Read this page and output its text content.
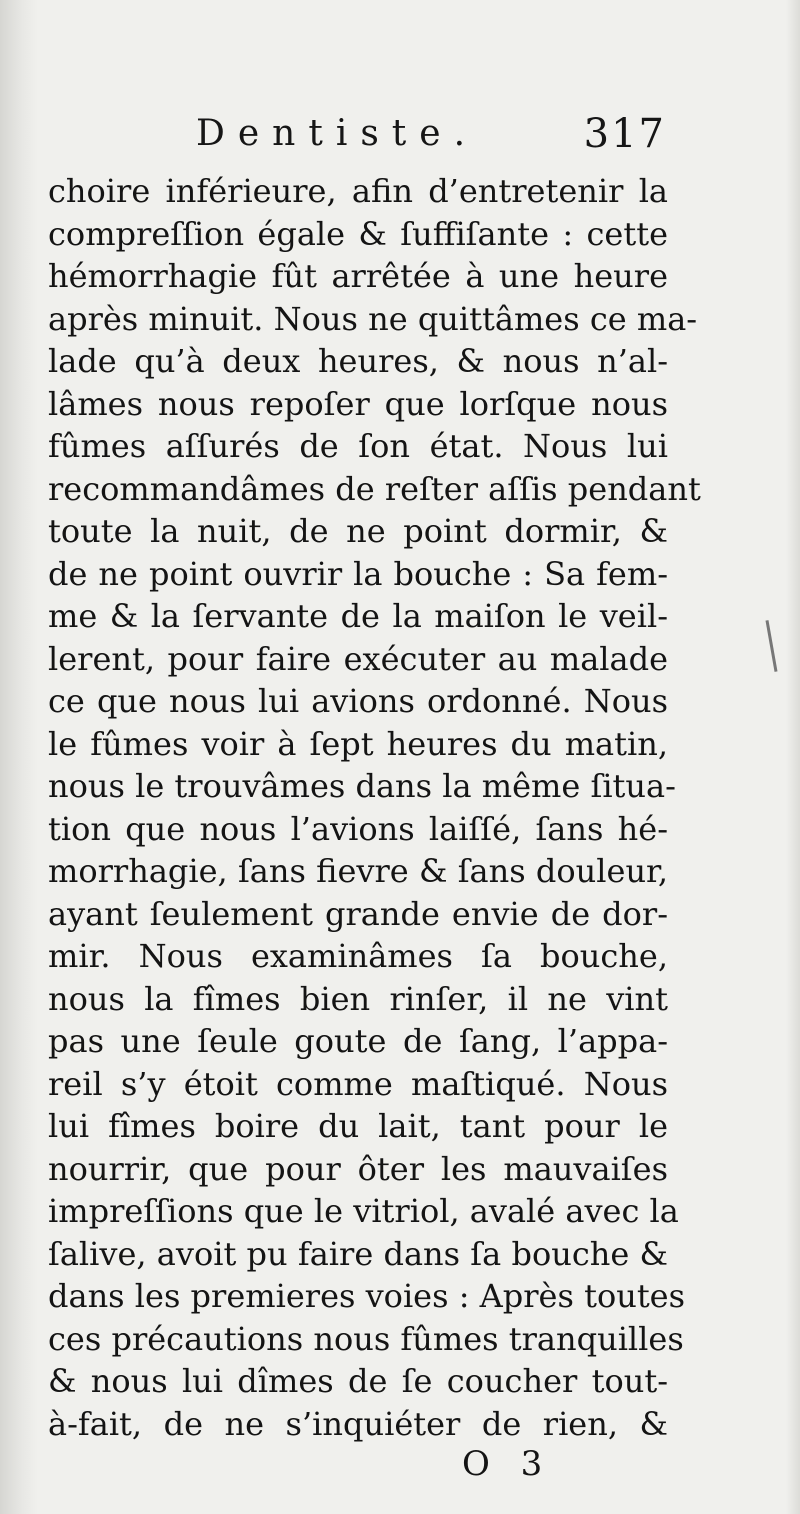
Dentiste.	317
choire inférieure, afin d’entretenir la
compreſſion égale & ſuffiſante : cette
hémorrhagie fût arrêtée à une heure
après minuit. Nous ne quittâmes ce ma-
lade qu’à deux heures, & nous n’al-
lâmes nous repoſer que lorſque nous
fûmes aſſurés de ſon état. Nous lui
recommandâmes de reſter aſſis pendant
toute la nuit, de ne point dormir, &
de ne point ouvrir la bouche : Sa fem-
me & la ſervante de la maiſon le veil-
lerent, pour faire exécuter au malade
ce que nous lui avions ordonné. Nous
le fûmes voir à ſept heures du matin,
nous le trouvâmes dans la même ſitua-
tion que nous l’avions laiſſé, ſans hé-
morrhagie, ſans fievre & ſans douleur,
ayant ſeulement grande envie de dor-
mir. Nous examinâmes ſa bouche,
nous la fîmes bien rinſer, il ne vint
pas une ſeule goute de ſang, l’appa-
reil s’y étoit comme maſtiqué. Nous
lui fîmes boire du lait, tant pour le
nourrir, que pour ôter les mauvaiſes
impreſſions que le vitriol, avalé avec la
ſalive, avoit pu faire dans ſa bouche &
dans les premieres voies : Après toutes
ces précautions nous fûmes tranquilles
& nous lui dîmes de ſe coucher tout-
à-fait, de ne s’inquiéter de rien, &
O 3
